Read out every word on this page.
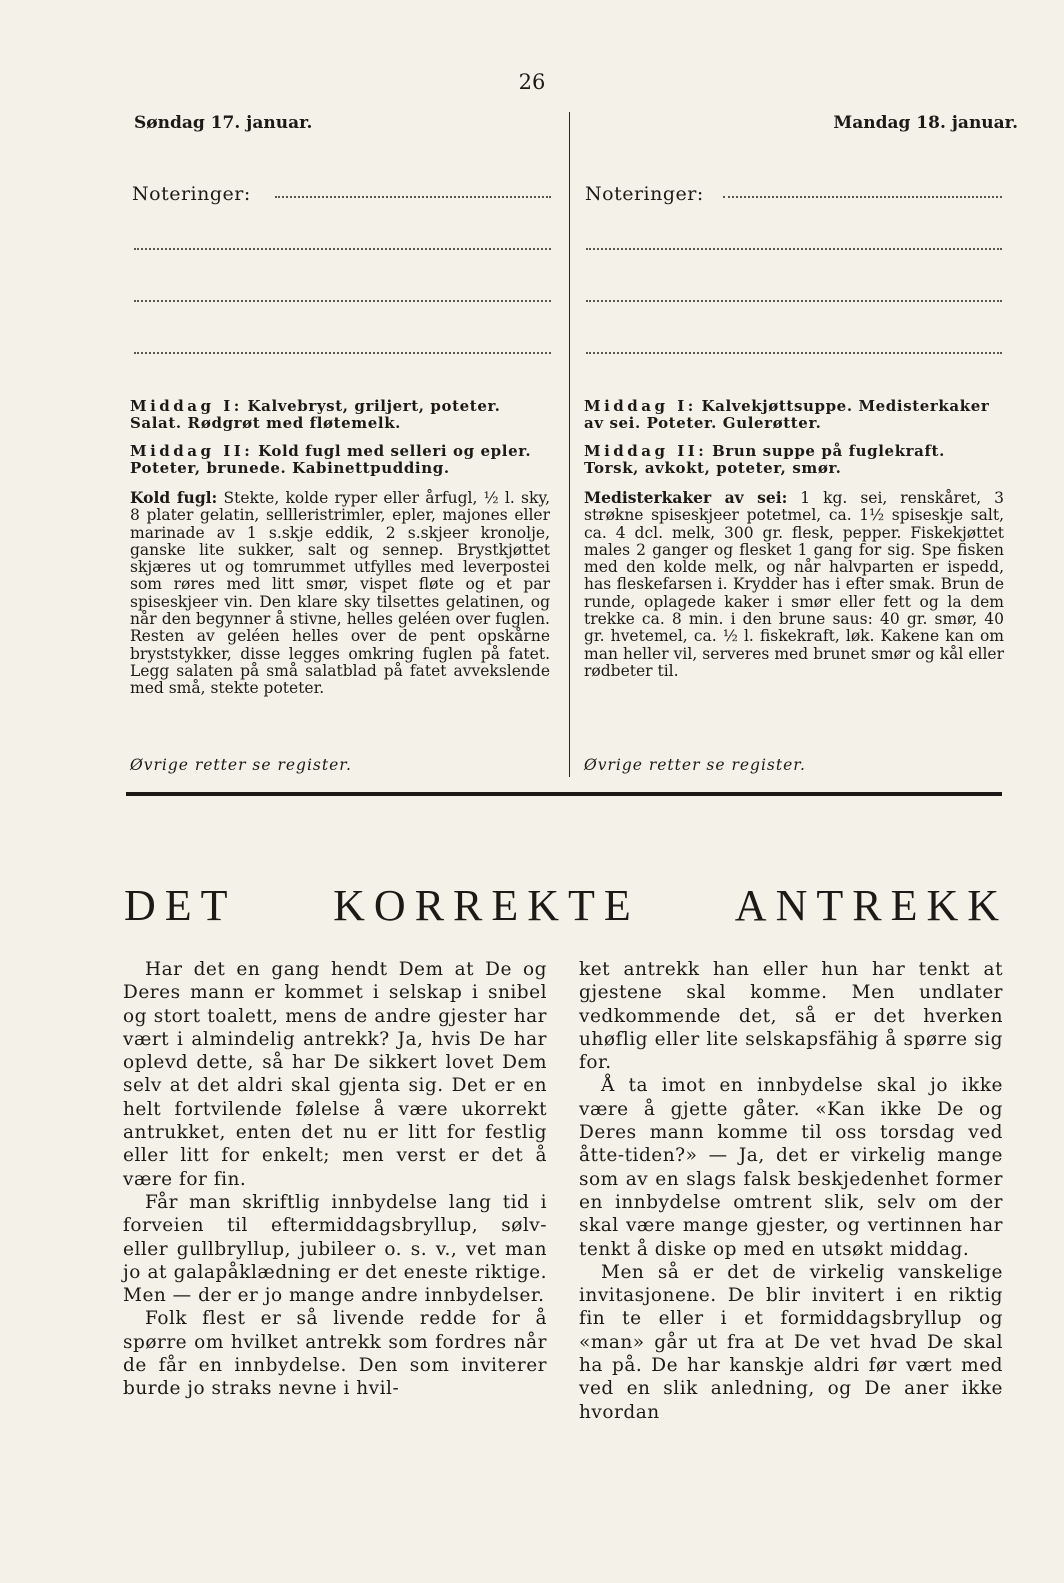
26
Søndag 17. januar.	Mandag 18. januar.
Noteringer:	Noteringer:
Middag I: Kalvebryst, griljert, poteter. Salat. Rødgrøt med fløtemelk.
Middag II: Kold fugl med selleri og epler. Poteter, brunede. Kabinettpudding.
Kold fugl: Stekte, kolde ryper eller årfugl, ½ l. sky, 8 plater gelatin, sellleristrimler, epler, majones eller marinade av 1 s.skje eddik, 2 s.skjeer kronolje, ganske lite sukker, salt og sennep. Brystkjøttet skjæres ut og tomrummet utfylles med leverpostei som røres med litt smør, vispet fløte og et par spiseskjeer vin. Den klare sky tilsettes gelatinen, og når den begynner å stivne, helles geléen over fuglen. Resten av geléen helles over de pent opskårne bryststykker, disse legges omkring fuglen på fatet. Legg salaten på små salatblad på fatet avvekslende med små, stekte poteter.
Øvrige retter se register.
Middag I: Kalvekjøttsuppe. Medisterkaker av sei. Poteter. Gulerøtter.
Middag II: Brun suppe på fuglekraft. Torsk, avkokt, poteter, smør.
Medisterkaker av sei: 1 kg. sei, renskåret, 3 strøkne spiseskjeer potetmel, ca. 1½ spiseskje salt, ca. 4 dcl. melk, 300 gr. flesk, pepper. Fiskekjøttet males 2 ganger og flesket 1 gang for sig. Spe fisken med den kolde melk, og når halvparten er ispedd, has fleskefarsen i. Krydder has i efter smak. Brun de runde, oplagede kaker i smør eller fett og la dem trekke ca. 8 min. i den brune saus: 40 gr. smør, 40 gr. hvetemel, ca. ½ l. fiskekraft, løk. Kakene kan om man heller vil, serveres med brunet smør og kål eller rødbeter til.
Øvrige retter se register.
DET KORREKTE ANTREKK

Har det en gang hendt Dem at De og Deres mann er kommet i selskap i snibel og stort toalett, mens de andre gjester har vært i almindelig antrekk? Ja, hvis De har oplevd dette, så har De sikkert lovet Dem selv at det aldri skal gjenta sig. Det er en helt fortvilende følelse å være ukorrekt antrukket, enten det nu er litt for festlig eller litt for enkelt; men verst er det å være for fin.

Får man skriftlig innbydelse lang tid i forveien til eftermiddagsbryllup, sølv- eller gullbryllup, jubileer o. s. v., vet man jo at galapåklædning er det eneste riktige. Men — der er jo mange andre innbydelser.

Folk flest er så livende redde for å spørre om hvilket antrekk som fordres når de får en innbydelse. Den som inviterer burde jo straks nevne i hvil-

ket antrekk han eller hun har tenkt at gjestene skal komme. Men undlater vedkommende det, så er det hverken uhøflig eller lite selskapsfähig å spørre sig for.

Å ta imot en innbydelse skal jo ikke være å gjette gåter. «Kan ikke De og Deres mann komme til oss torsdag ved åtte-tiden?» — Ja, det er virkelig mange som av en slags falsk beskjedenhet former en innbydelse omtrent slik, selv om der skal være mange gjester, og vertinnen har tenkt å diske op med en utsøkt middag.

Men så er det de virkelig vanskelige invitasjonene. De blir invitert i en riktig fin te eller i et formiddagsbryllup og «man» går ut fra at De vet hvad De skal ha på. De har kanskje aldri før vært med ved en slik anledning, og De aner ikke hvordan
